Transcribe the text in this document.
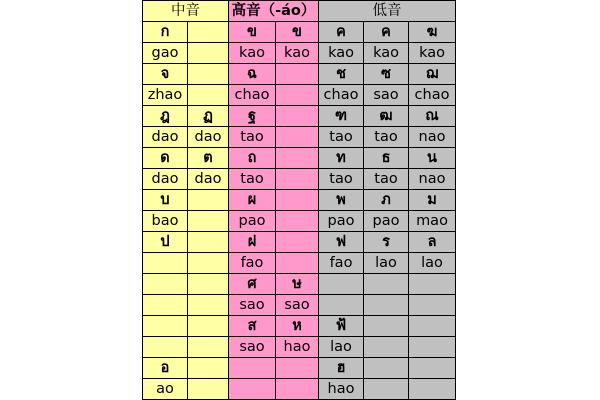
中音		高音（-áo）		低音		
ก		ข	ข	ค	ค	ฆ
gao		kao	kao	kao	kao	kao
จ		ฉ		ช	ซ	ฌ
zhao		chao		chao	sao	chao
ฎ	ฏ	ฐ		ฑ	ฒ	ณ
dao	dao	tao		tao	tao	nao
ด	ต	ถ		ท	ธ	น
dao	dao	tao		tao	tao	nao
บ		ผ		พ	ภ	ม
bao		pao		pao	pao	mao
ป		ฝ		ฟ	ร	ล
		fao		fao	lao	lao
		ศ	ษ			
		sao	sao			
		ส	ห	ฟ้		
		sao	hao	lao		
อ				ฮ		
ao				hao		
